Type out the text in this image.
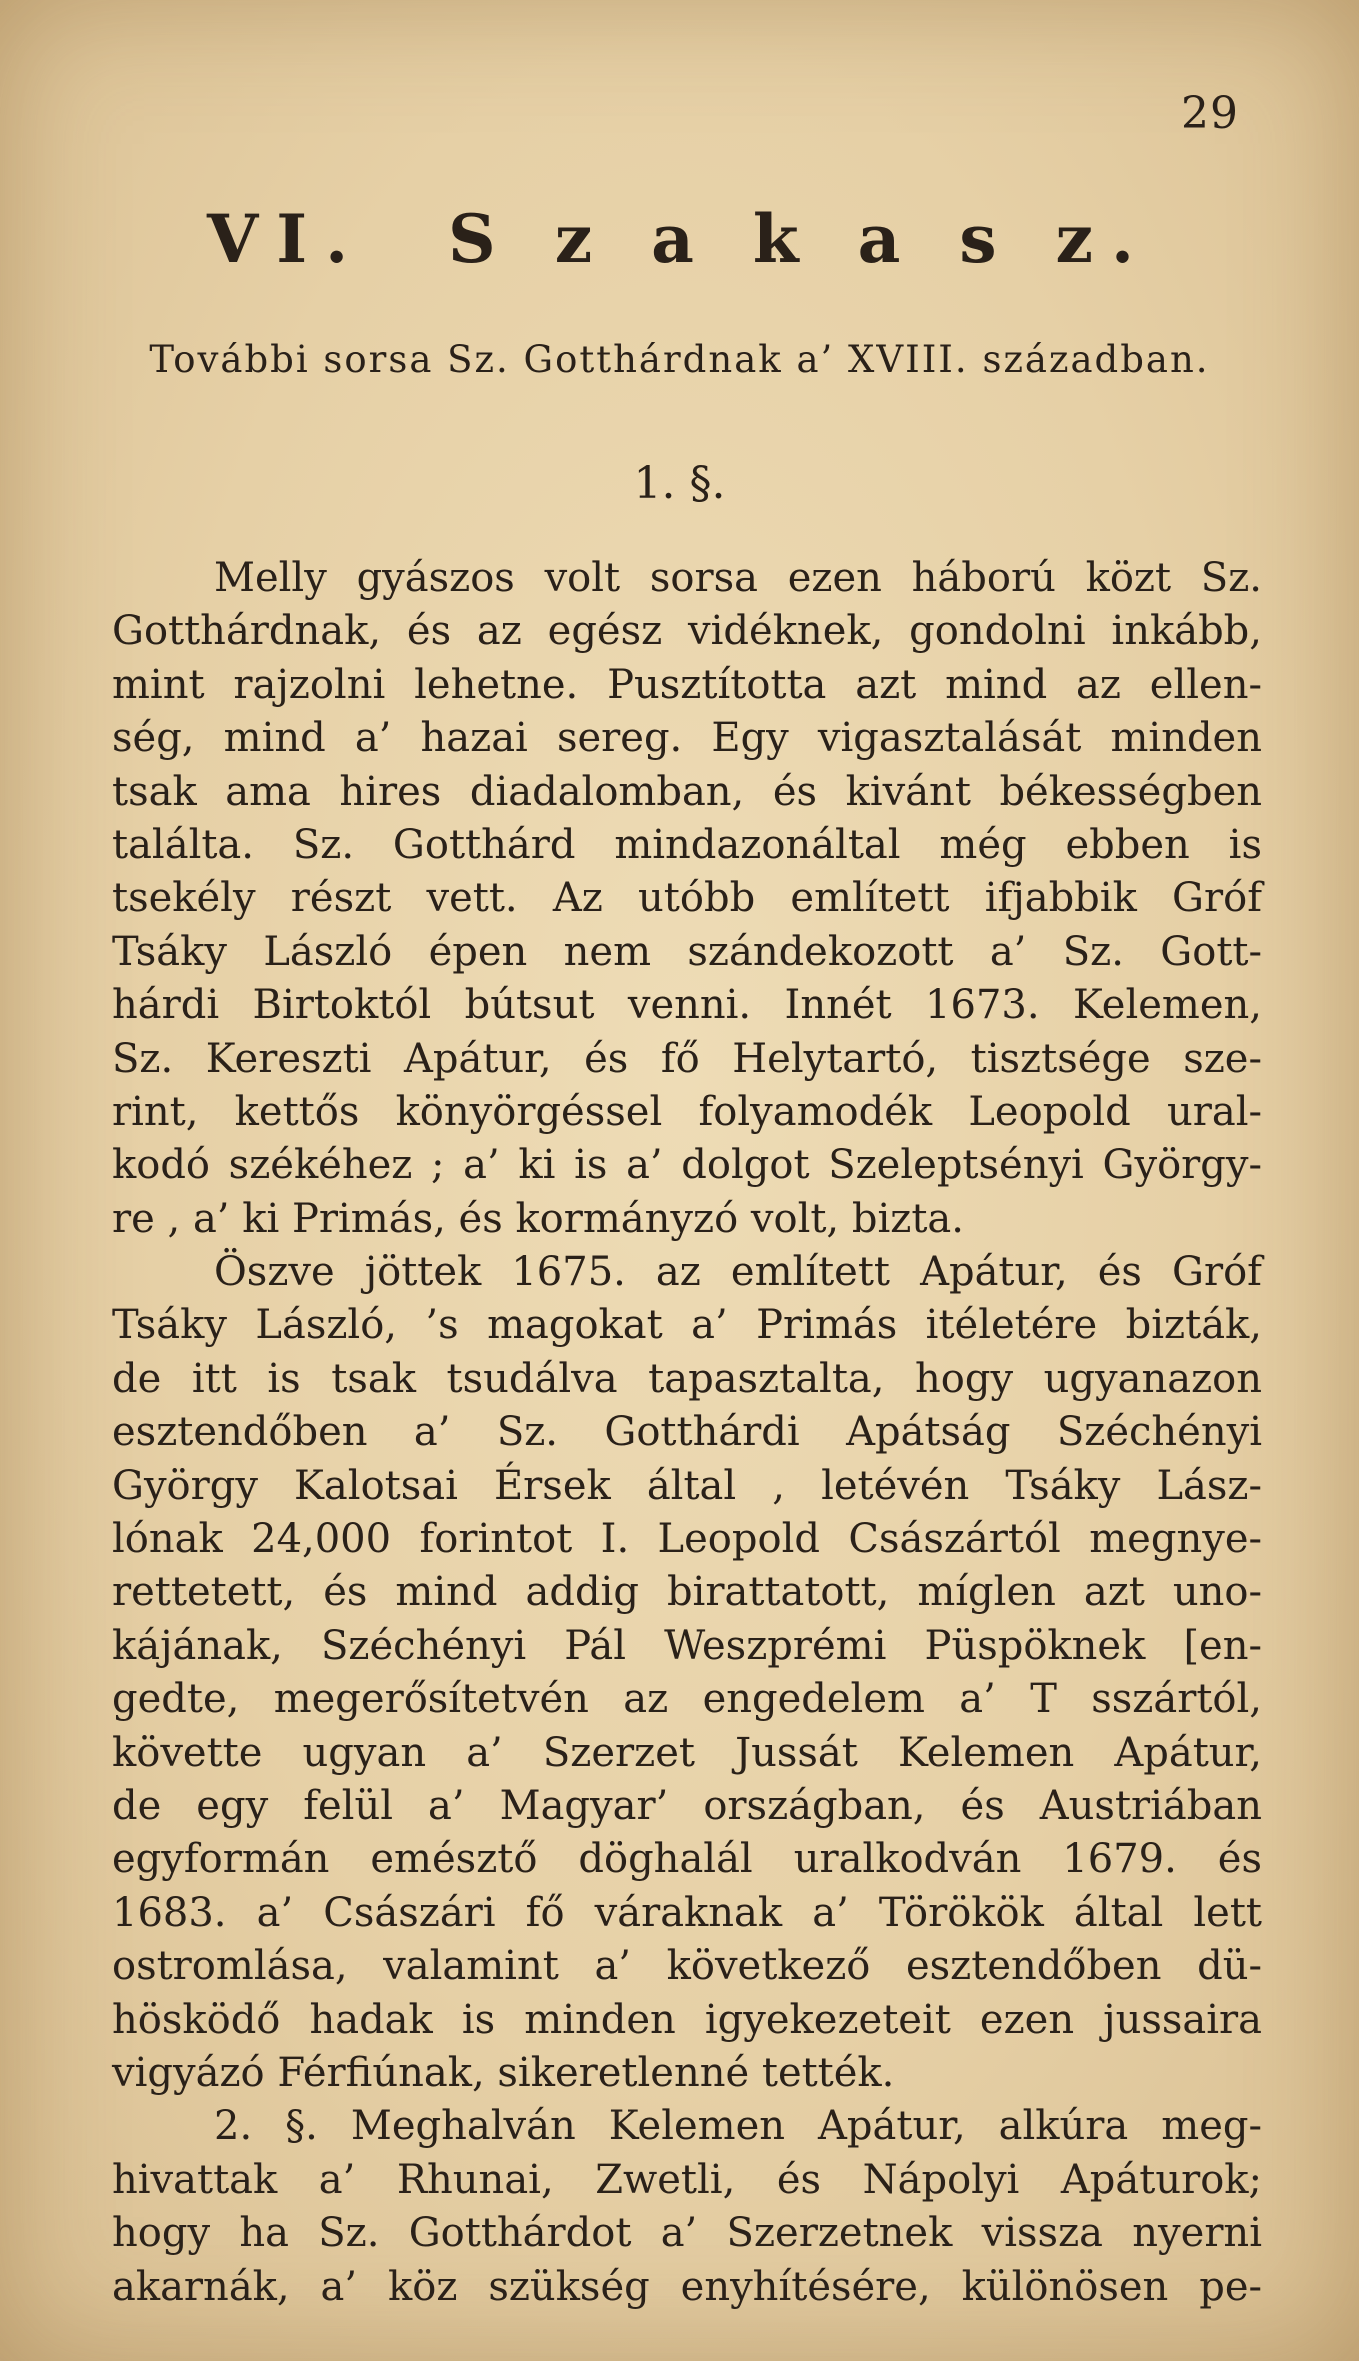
29
VI.  S z a k a s z.
További sorsa Sz. Gotthárdnak a’ XVIII. században.
1. §.
Melly gyászos volt sorsa ezen háború közt Sz.
Gotthárdnak, és az egész vidéknek, gondolni inkább,
mint rajzolni lehetne. Pusztította azt mind az ellen-
ség, mind a’ hazai sereg. Egy vigasztalását minden
tsak ama hires diadalomban, és kivánt békességben
találta. Sz. Gotthárd mindazonáltal még ebben is
tsekély részt vett. Az utóbb említett ifjabbik Gróf
Tsáky László épen nem szándekozott a’ Sz. Gott-
hárdi Birtoktól bútsut venni. Innét 1673. Kelemen,
Sz. Kereszti Apátur, és fő Helytartó, tisztsége sze-
rint, kettős könyörgéssel folyamodék Leopold ural-
kodó székéhez ; a’ ki is a’ dolgot Szeleptsényi György-
re , a’ ki Primás, és kormányzó volt, bizta.
Öszve jöttek 1675. az említett Apátur, és Gróf
Tsáky László, ’s magokat a’ Primás itéletére bizták,
de itt is tsak tsudálva tapasztalta, hogy ugyanazon
esztendőben a’ Sz. Gotthárdi Apátság Széchényi
György Kalotsai Érsek által , letévén Tsáky Lász-
lónak 24,000 forintot I. Leopold Császártól megnye-
rettetett, és mind addig birattatott, míglen azt uno-
kájának, Széchényi Pál Weszprémi Püspöknek [en-
gedte, megerősítetvén az engedelem a’ T sszártól,
követte ugyan a’ Szerzet Jussát Kelemen Apátur,
de egy felül a’ Magyar’ országban, és Austriában
egyformán emésztő döghalál uralkodván 1679. és
1683. a’ Császári fő váraknak a’ Törökök által lett
ostromlása, valamint a’ következő esztendőben dü-
hösködő hadak is minden igyekezeteit ezen jussaira
vigyázó Férfiúnak, sikeretlenné tették.
2. §. Meghalván Kelemen Apátur, alkúra meg-
hivattak a’ Rhunai, Zwetli, és Nápolyi Apáturok;
hogy ha Sz. Gotthárdot a’ Szerzetnek vissza nyerni
akarnák, a’ köz szükség enyhítésére, különösen pe-
